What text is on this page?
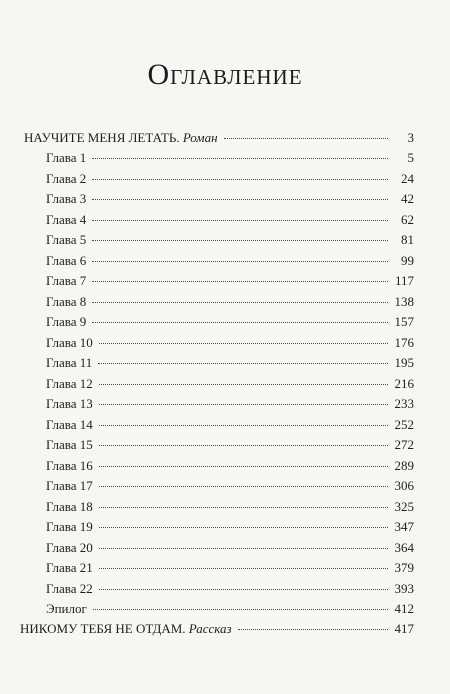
Оглавление
НАУЧИТЕ МЕНЯ ЛЕТАТЬ. Роман	3
Глава 1	5
Глава 2	24
Глава 3	42
Глава 4	62
Глава 5	81
Глава 6	99
Глава 7	117
Глава 8	138
Глава 9	157
Глава 10	176
Глава 11	195
Глава 12	216
Глава 13	233
Глава 14	252
Глава 15	272
Глава 16	289
Глава 17	306
Глава 18	325
Глава 19	347
Глава 20	364
Глава 21	379
Глава 22	393
Эпилог	412
НИКОМУ ТЕБЯ НЕ ОТДАМ. Рассказ	417
